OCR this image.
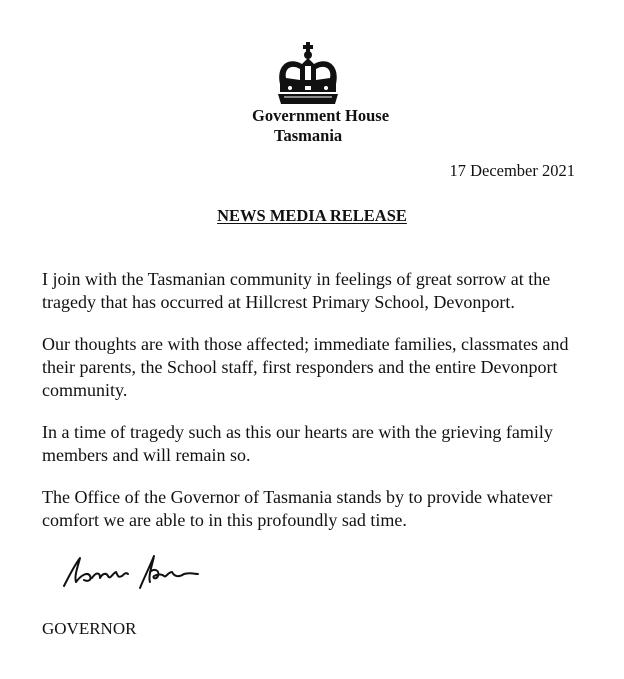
Government House
Tasmania
17 December 2021
NEWS MEDIA RELEASE

I join with the Tasmanian community in feelings of great sorrow at the tragedy that has occurred at Hillcrest Primary School, Devonport.

Our thoughts are with those affected; immediate families, classmates and their parents, the School staff, first responders and the entire Devonport community.

In a time of tragedy such as this our hearts are with the grieving family members and will remain so.

The Office of the Governor of Tasmania stands by to provide whatever comfort we are able to in this profoundly sad time.

GOVERNOR
